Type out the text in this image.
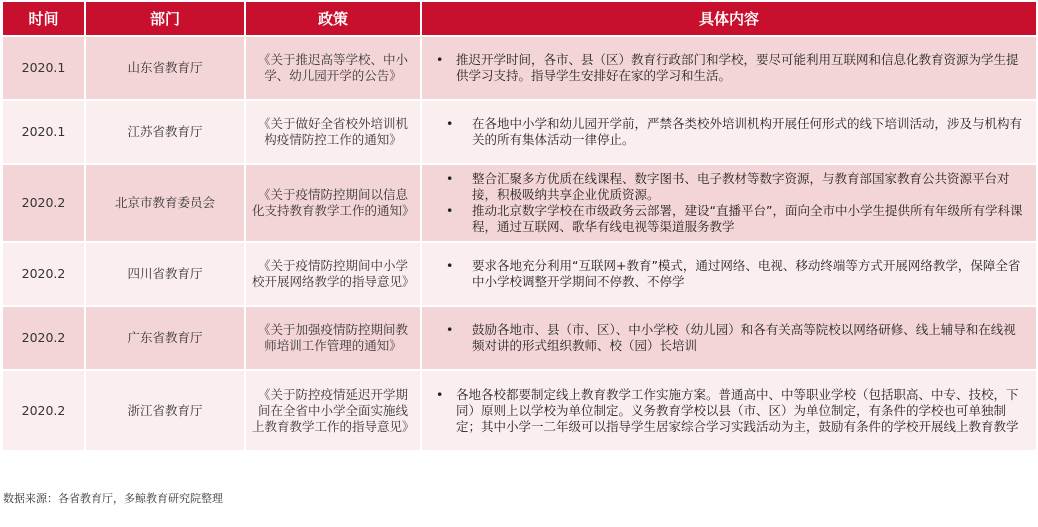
时间	部门	政策	具体内容
2020.1	山东省教育厅	《关于推迟高等学校、中小学、幼儿园开学的公告》	• 推迟开学时间，各市、县（区）教育行政部门和学校，要尽可能利用互联网和信息化教育资源为学生提供学习支持。指导学生安排好在家的学习和生活。

2020.1	江苏省教育厅	《关于做好全省校外培训机构疫情防控工作的通知》	• 在各地中小学和幼儿园开学前，严禁各类校外培训机构开展任何形式的线下培训活动，涉及与机构有关的所有集体活动一律停止。

2020.2	北京市教育委员会	《关于疫情防控期间以信息化支持教育教学工作的通知》	• 整合汇聚多方优质在线课程、数字图书、电子教材等数字资源，与教育部国家教育公共资源平台对接，积极吸纳共享企业优质资源。
• 推动北京数字学校在市级政务云部署，建设“直播平台”，面向全市中小学生提供所有年级所有学科课程，通过互联网、歌华有线电视等渠道服务教学

2020.2	四川省教育厅	《关于疫情防控期间中小学校开展网络教学的指导意见》	• 要求各地充分利用“互联网+教育”模式，通过网络、电视、移动终端等方式开展网络教学，保障全省中小学校调整开学期间不停教、不停学

2020.2	广东省教育厅	《关于加强疫情防控期间教师培训工作管理的通知》	• 鼓励各地市、县（市、区）、中小学校（幼儿园）和各有关高等院校以网络研修、线上辅导和在线视频对讲的形式组织教师、校（园）长培训

2020.2	浙江省教育厅	《关于防控疫情延迟开学期间在全省中小学全面实施线上教育教学工作的指导意见》	• 各地各校都要制定线上教育教学工作实施方案。普通高中、中等职业学校（包括职高、中专、技校，下同）原则上以学校为单位制定。义务教育学校以县（市、区）为单位制定，有条件的学校也可单独制定；其中小学一二年级可以指导学生居家综合学习实践活动为主，鼓励有条件的学校开展线上教育教学
数据来源：各省教育厅，多鲸教育研究院整理
